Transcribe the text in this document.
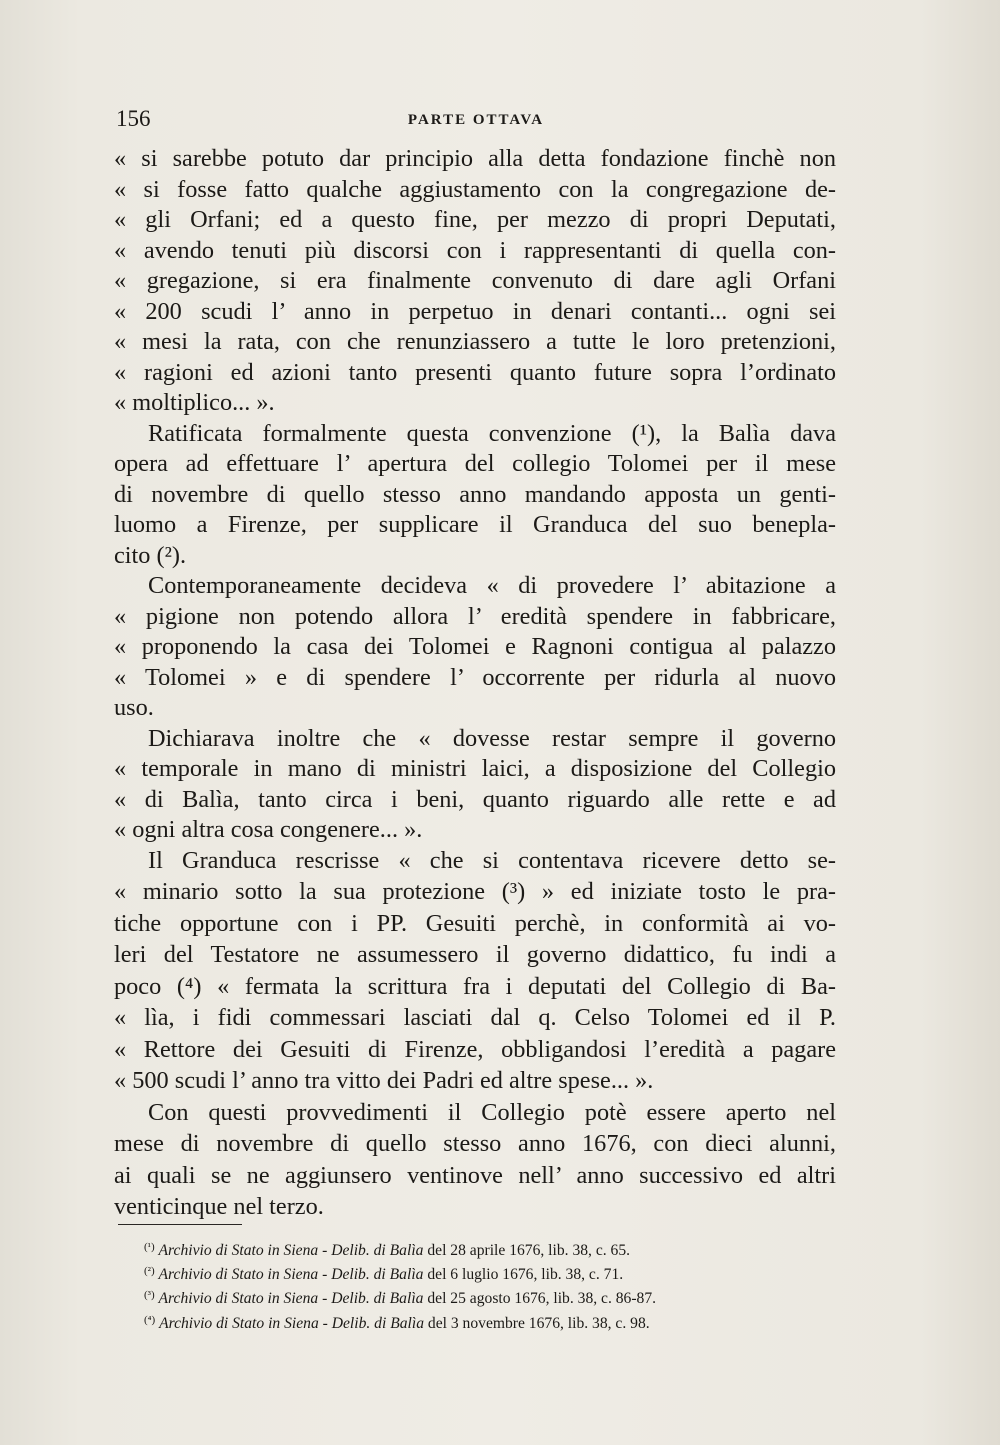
156	PARTE OTTAVA
« si sarebbe potuto dar principio alla detta fondazione finchè non
« si fosse fatto qualche aggiustamento con la congregazione de-
« gli Orfani; ed a questo fine, per mezzo di propri Deputati,
« avendo tenuti più discorsi con i rappresentanti di quella con-
« gregazione, si era finalmente convenuto di dare agli Orfani
« 200 scudi l’ anno in perpetuo in denari contanti... ogni sei
« mesi la rata, con che renunziassero a tutte le loro pretenzioni,
« ragioni ed azioni tanto presenti quanto future sopra l’ordinato
« moltiplico... ».
Ratificata formalmente questa convenzione (¹), la Balìa dava
opera ad effettuare l’ apertura del collegio Tolomei per il mese
di novembre di quello stesso anno mandando apposta un genti-
luomo a Firenze, per supplicare il Granduca del suo benepla-
cito (²).
Contemporaneamente decideva « di provedere l’ abitazione a
« pigione non potendo allora l’ eredità spendere in fabbricare,
« proponendo la casa dei Tolomei e Ragnoni contigua al palazzo
« Tolomei » e di spendere l’ occorrente per ridurla al nuovo
uso.
Dichiarava inoltre che « dovesse restar sempre il governo
« temporale in mano di ministri laici, a disposizione del Collegio
« di Balìa, tanto circa i beni, quanto riguardo alle rette e ad
« ogni altra cosa congenere... ».
Il Granduca rescrisse « che si contentava ricevere detto se-
« minario sotto la sua protezione (³) » ed iniziate tosto le pra-
tiche opportune con i PP. Gesuiti perchè, in conformità ai vo-
leri del Testatore ne assumessero il governo didattico, fu indi a
poco (⁴) « fermata la scrittura fra i deputati del Collegio di Ba-
« lìa, i fidi commessari lasciati dal q. Celso Tolomei ed il P.
« Rettore dei Gesuiti di Firenze, obbligandosi l’eredità a pagare
« 500 scudi l’ anno tra vitto dei Padri ed altre spese... ».
Con questi provvedimenti il Collegio potè essere aperto nel
mese di novembre di quello stesso anno 1676, con dieci alunni,
ai quali se ne aggiunsero ventinove nell’ anno successivo ed altri
venticinque nel terzo.
$^{(^1)}$ Archivio di Stato in Siena - Delib. di Balìa del 28 aprile 1676, lib. 38, c. 65.
$^{(^2)}$ Archivio di Stato in Siena - Delib. di Balìa del 6 luglio 1676, lib. 38, c. 71.
$^{(^3)}$ Archivio di Stato in Siena - Delib. di Balìa del 25 agosto 1676, lib. 38, c. 86-87.
$^{(^4)}$ Archivio di Stato in Siena - Delib. di Balìa del 3 novembre 1676, lib. 38, c. 98.
